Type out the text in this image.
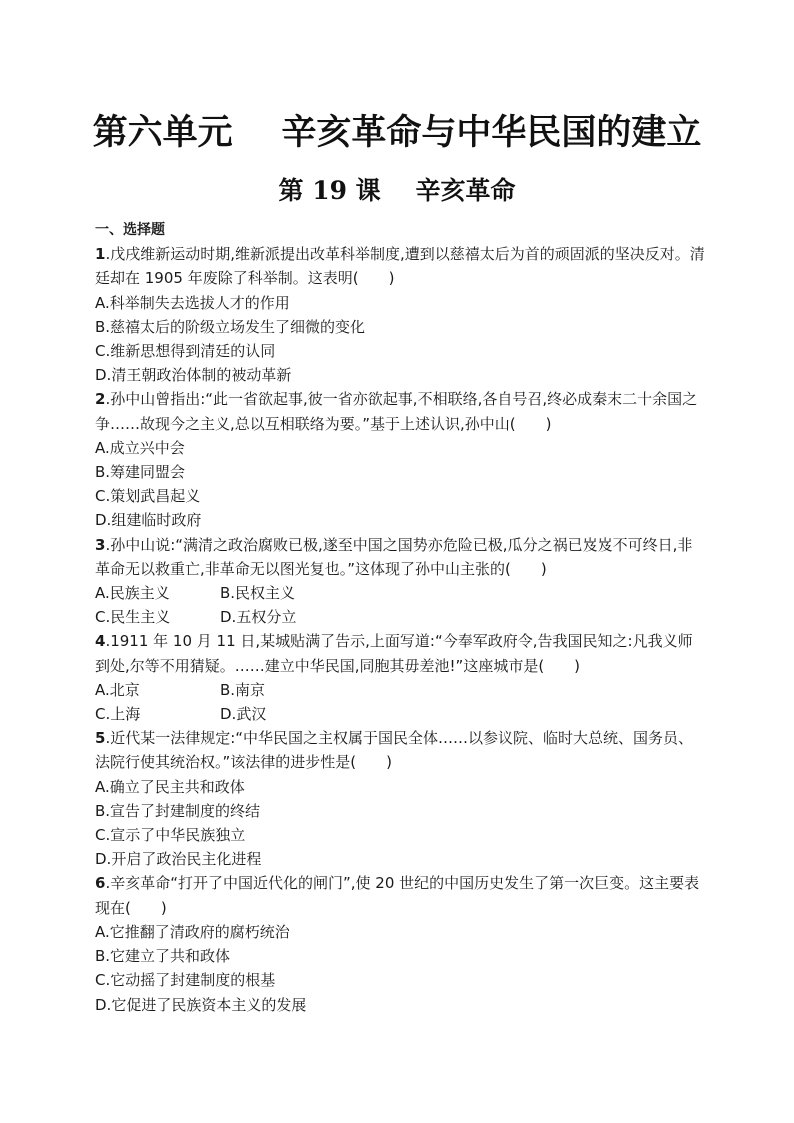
第六单元    辛亥革命与中华民国的建立
第 19 课    辛亥革命
一、选择题
1.戊戌维新运动时期,维新派提出改革科举制度,遭到以慈禧太后为首的顽固派的坚决反对。清廷却在 1905 年废除了科举制。这表明(　　)
A.科举制失去选拔人才的作用
B.慈禧太后的阶级立场发生了细微的变化
C.维新思想得到清廷的认同
D.清王朝政治体制的被动革新
2.孙中山曾指出:“此一省欲起事,彼一省亦欲起事,不相联络,各自号召,终必成秦末二十余国之争……故现今之主义,总以互相联络为要。”基于上述认识,孙中山(　　)
A.成立兴中会
B.筹建同盟会
C.策划武昌起义
D.组建临时政府
3.孙中山说:“满清之政治腐败已极,遂至中国之国势亦危险已极,瓜分之祸已岌岌不可终日,非革命无以救重亡,非革命无以图光复也。”这体现了孙中山主张的(　　)
A.民族主义	B.民权主义
C.民生主义	D.五权分立
4.1911 年 10 月 11 日,某城贴满了告示,上面写道:“今奉军政府令,告我国民知之:凡我义师到处,尔等不用猜疑。……建立中华民国,同胞其毋差池!”这座城市是(　　)
A.北京	B.南京
C.上海	D.武汉
5.近代某一法律规定:“中华民国之主权属于国民全体……以参议院、临时大总统、国务员、法院行使其统治权。”该法律的进步性是(　　)
A.确立了民主共和政体
B.宣告了封建制度的终结
C.宣示了中华民族独立
D.开启了政治民主化进程
6.辛亥革命“打开了中国近代化的闸门”,使 20 世纪的中国历史发生了第一次巨变。这主要表现在(　　)
A.它推翻了清政府的腐朽统治
B.它建立了共和政体
C.它动摇了封建制度的根基
D.它促进了民族资本主义的发展
